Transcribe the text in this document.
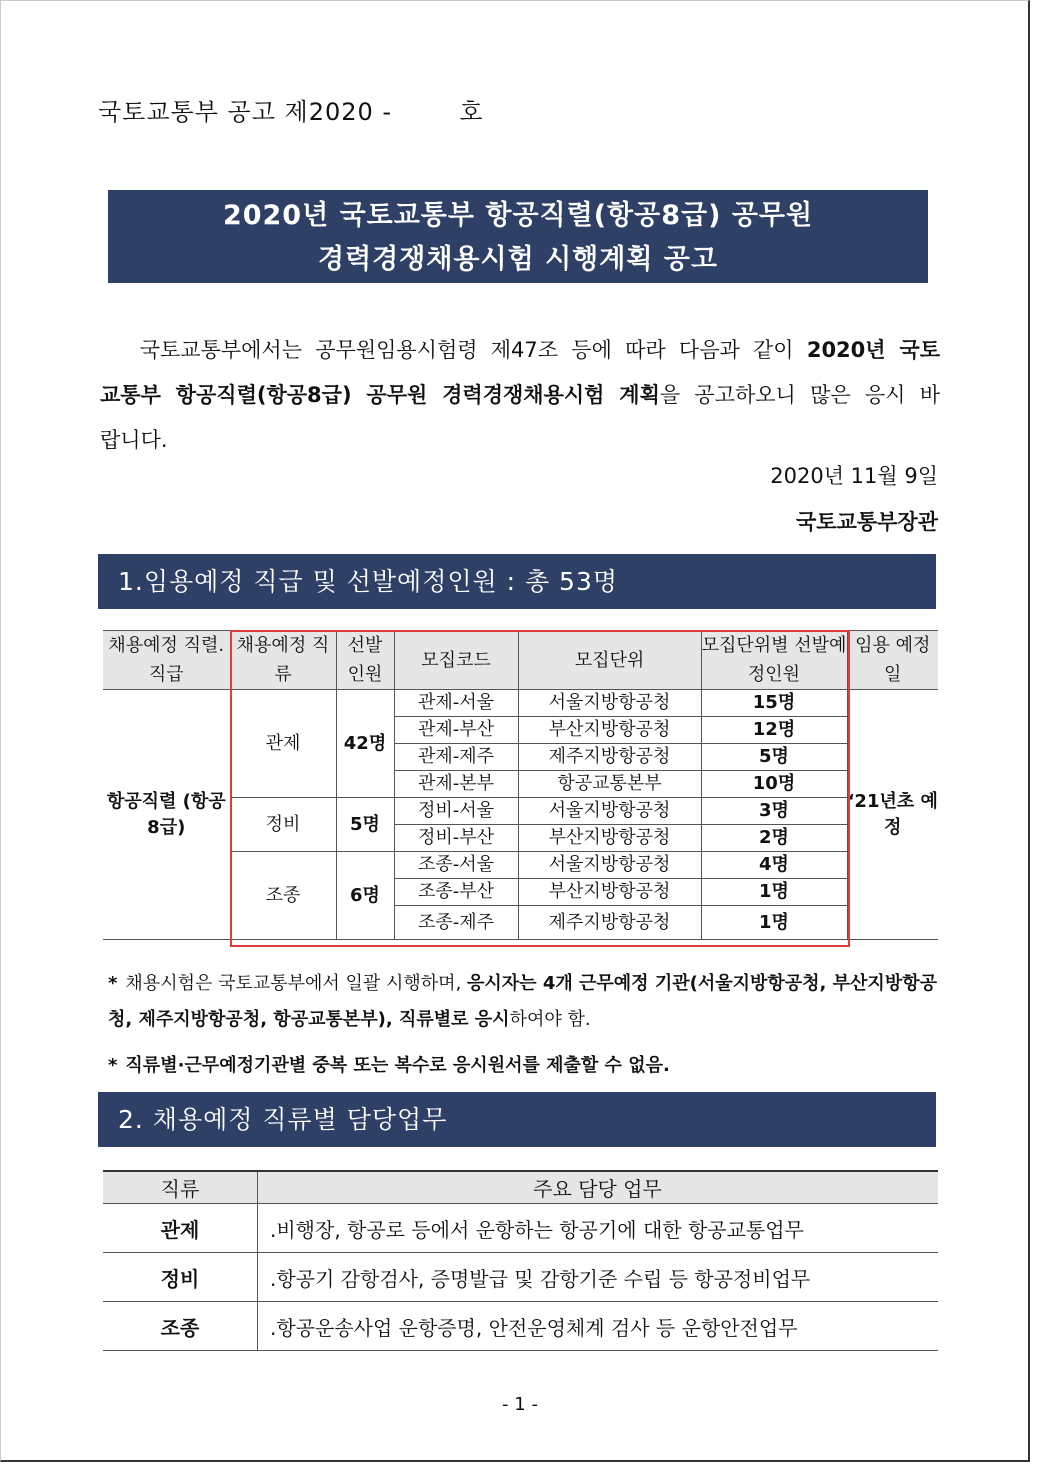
국토교통부 공고 제2020 -	호
2020년 국토교통부 항공직렬(항공8급) 공무원
경력경쟁채용시험 시행계획 공고
국토교통부에서는 공무원임용시험령 제47조 등에 따라 다음과 같이 2020년 국토교통부 항공직렬(항공8급) 공무원 경력경쟁채용시험 계획을 공고하오니 많은 응시 바랍니다.
2020년 11월 9일
국토교통부장관
1.임용예정 직급 및 선발예정인원 : 총 53명
채용예정 직렬.직급	채용예정 직류	선발 인원	모집코드	모집단위	모집단위별 선발예정인원	임용 예정일
항공직렬 (항공 8급)	관제	42명	관제-서울	서울지방항공청	15명	‘21년초 예정
			관제-부산	부산지방항공청	12명	
			관제-제주	제주지방항공청	5명	
			관제-본부	항공교통본부	10명	
	정비	5명	정비-서울	서울지방항공청	3명	
			정비-부산	부산지방항공청	2명	
	조종	6명	조종-서울	서울지방항공청	4명	
			조종-부산	부산지방항공청	1명	
			조종-제주	제주지방항공청	1명	
* 채용시험은 국토교통부에서 일괄 시행하며, 응시자는 4개 근무예정 기관(서울지방항공청, 부산지방항공청, 제주지방항공청, 항공교통본부), 직류별로 응시하여야 함.
* 직류별·근무예정기관별 중복 또는 복수로 응시원서를 제출할 수 없음.
2. 채용예정 직류별 담당업무
직류	주요 담당 업무
관제	.비행장, 항공로 등에서 운항하는 항공기에 대한 항공교통업무
정비	.항공기 감항검사, 증명발급 및 감항기준 수립 등 항공정비업무
조종	.항공운송사업 운항증명, 안전운영체계 검사 등 운항안전업무
- 1 -
